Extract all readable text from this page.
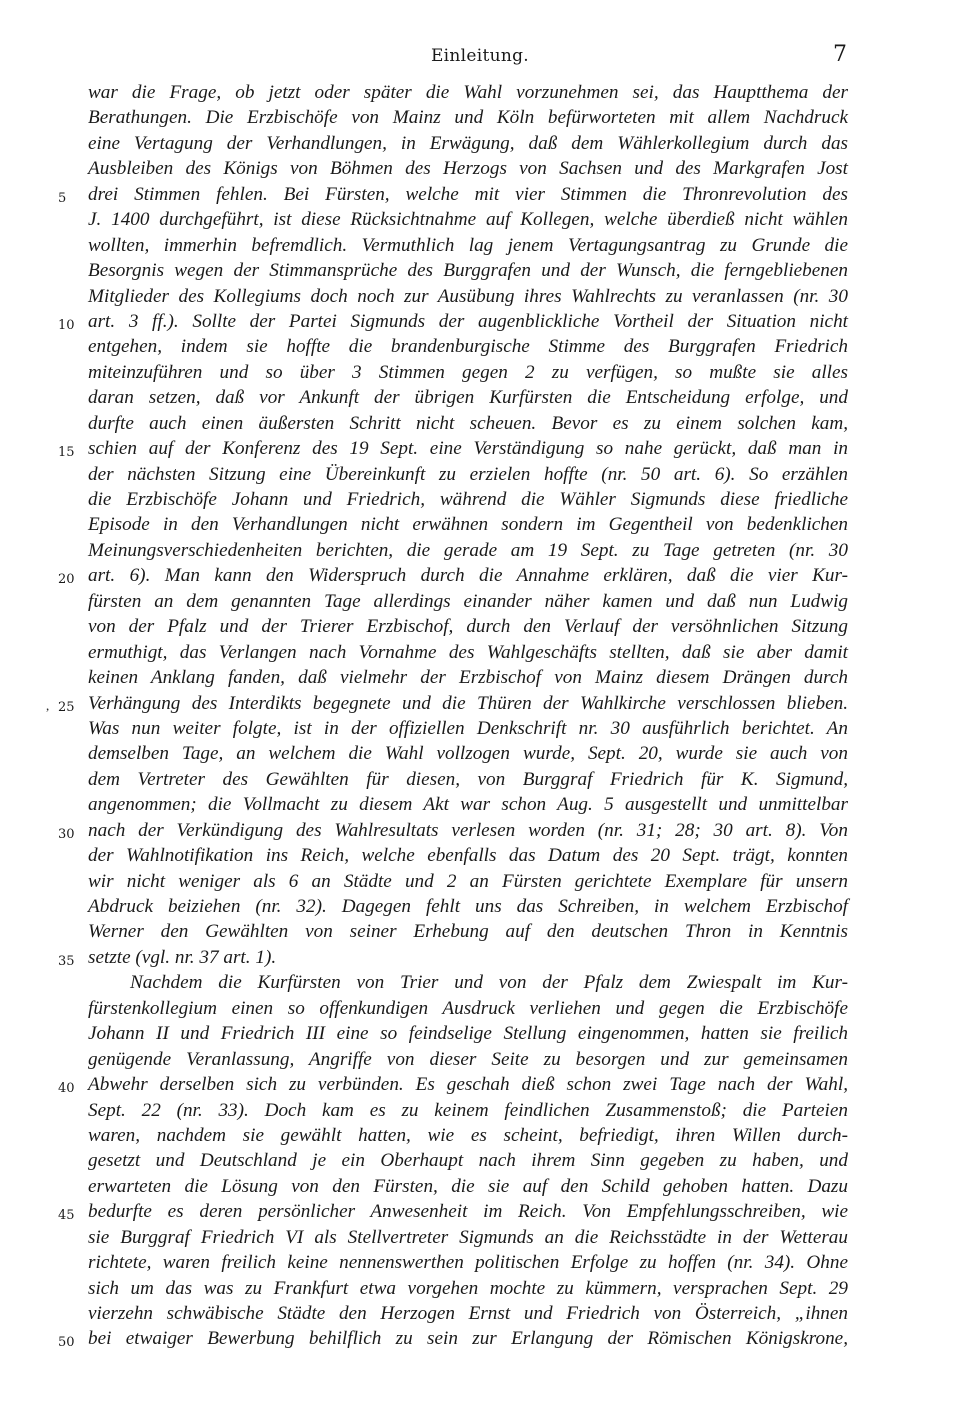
Einleitung.	7
war die Frage, ob jetzt oder später die Wahl vorzunehmen sei, das Hauptthema der
Berathungen. Die Erzbischöfe von Mainz und Köln befürworteten mit allem Nachdruck
eine Vertagung der Verhandlungen, in Erwägung, daß dem Wählerkollegium durch das
Ausbleiben des Königs von Böhmen des Herzogs von Sachsen und des Markgrafen Jost
drei Stimmen fehlen. Bei Fürsten, welche mit vier Stimmen die Thronrevolution des
5
J. 1400 durchgeführt, ist diese Rücksichtnahme auf Kollegen, welche überdieß nicht wählen
wollten, immerhin befremdlich. Vermuthlich lag jenem Vertagungsantrag zu Grunde die
Besorgnis wegen der Stimmansprüche des Burggrafen und der Wunsch, die ferngebliebenen
Mitglieder des Kollegiums doch noch zur Ausübung ihres Wahlrechts zu veranlassen (nr. 30
art. 3 ff.). Sollte der Partei Sigmunds der augenblickliche Vortheil der Situation nicht
10
entgehen, indem sie hoffte die brandenburgische Stimme des Burggrafen Friedrich
miteinzuführen und so über 3 Stimmen gegen 2 zu verfügen, so mußte sie alles
daran setzen, daß vor Ankunft der übrigen Kurfürsten die Entscheidung erfolge, und
durfte auch einen äußersten Schritt nicht scheuen. Bevor es zu einem solchen kam,
schien auf der Konferenz des 19 Sept. eine Verständigung so nahe gerückt, daß man in
15
der nächsten Sitzung eine Übereinkunft zu erzielen hoffte (nr. 50 art. 6). So erzählen
die Erzbischöfe Johann und Friedrich, während die Wähler Sigmunds diese friedliche
Episode in den Verhandlungen nicht erwähnen sondern im Gegentheil von bedenklichen
Meinungsverschiedenheiten berichten, die gerade am 19 Sept. zu Tage getreten (nr. 30
art. 6). Man kann den Widerspruch durch die Annahme erklären, daß die vier Kur-
20
fürsten an dem genannten Tage allerdings einander näher kamen und daß nun Ludwig
von der Pfalz und der Trierer Erzbischof, durch den Verlauf der versöhnlichen Sitzung
ermuthigt, das Verlangen nach Vornahme des Wahlgeschäfts stellten, daß sie aber damit
keinen Anklang fanden, daß vielmehr der Erzbischof von Mainz diesem Drängen durch
Verhängung des Interdikts begegnete und die Thüren der Wahlkirche verschlossen blieben.
25
,
Was nun weiter folgte, ist in der offiziellen Denkschrift nr. 30 ausführlich berichtet. An
demselben Tage, an welchem die Wahl vollzogen wurde, Sept. 20, wurde sie auch von
dem Vertreter des Gewählten für diesen, von Burggraf Friedrich für K. Sigmund,
angenommen; die Vollmacht zu diesem Akt war schon Aug. 5 ausgestellt und unmittelbar
nach der Verkündigung des Wahlresultats verlesen worden (nr. 31; 28; 30 art. 8). Von
30
der Wahlnotifikation ins Reich, welche ebenfalls das Datum des 20 Sept. trägt, konnten
wir nicht weniger als 6 an Städte und 2 an Fürsten gerichtete Exemplare für unsern
Abdruck beiziehen (nr. 32). Dagegen fehlt uns das Schreiben, in welchem Erzbischof
Werner den Gewählten von seiner Erhebung auf den deutschen Thron in Kenntnis
setzte (vgl. nr. 37 art. 1).
35
Nachdem die Kurfürsten von Trier und von der Pfalz dem Zwiespalt im Kur-
fürstenkollegium einen so offenkundigen Ausdruck verliehen und gegen die Erzbischöfe
Johann II und Friedrich III eine so feindselige Stellung eingenommen, hatten sie freilich
genügende Veranlassung, Angriffe von dieser Seite zu besorgen und zur gemeinsamen
Abwehr derselben sich zu verbünden. Es geschah dieß schon zwei Tage nach der Wahl,
40
Sept. 22 (nr. 33). Doch kam es zu keinem feindlichen Zusammenstoß; die Parteien
waren, nachdem sie gewählt hatten, wie es scheint, befriedigt, ihren Willen durch-
gesetzt und Deutschland je ein Oberhaupt nach ihrem Sinn gegeben zu haben, und
erwarteten die Lösung von den Fürsten, die sie auf den Schild gehoben hatten. Dazu
bedurfte es deren persönlicher Anwesenheit im Reich. Von Empfehlungsschreiben, wie
45
sie Burggraf Friedrich VI als Stellvertreter Sigmunds an die Reichsstädte in der Wetterau
richtete, waren freilich keine nennenswerthen politischen Erfolge zu hoffen (nr. 34). Ohne
sich um das was zu Frankfurt etwa vorgehen mochte zu kümmern, versprachen Sept. 29
vierzehn schwäbische Städte den Herzogen Ernst und Friedrich von Österreich, „ihnen
bei etwaiger Bewerbung behilflich zu sein zur Erlangung der Römischen Königskrone,
50
